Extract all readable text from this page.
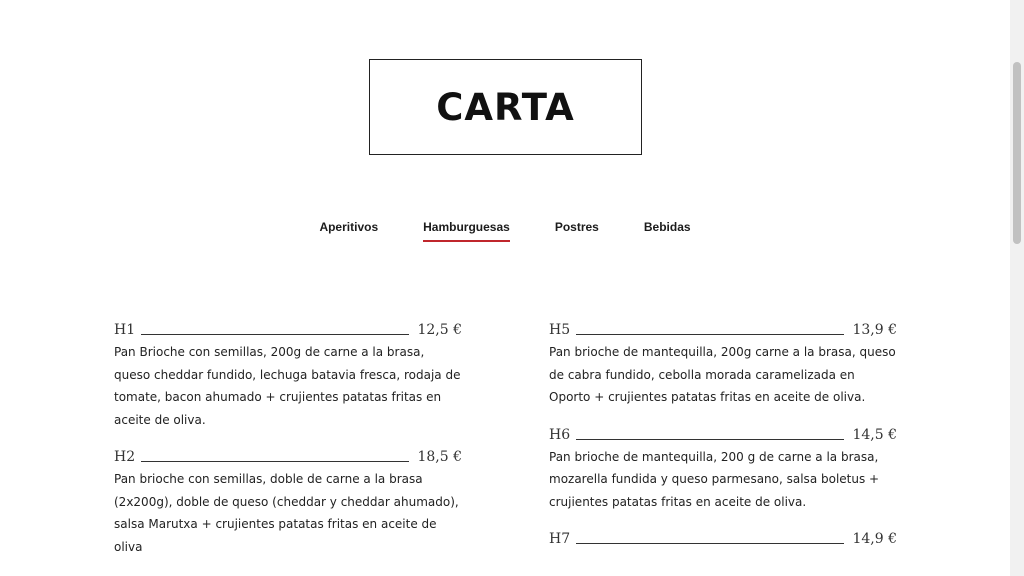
CARTA
Aperitivos	Hamburguesas	Postres	Bebidas
H1	12,5 €
Pan Brioche con semillas, 200g de carne a la brasa, queso cheddar fundido, lechuga batavia fresca, rodaja de tomate, bacon ahumado + crujientes patatas fritas en aceite de oliva.
H2	18,5 €
Pan brioche con semillas, doble de carne a la brasa (2x200g), doble de queso (cheddar y cheddar ahumado), salsa Marutxa + crujientes patatas fritas en aceite de oliva
H5	13,9 €
Pan brioche de mantequilla, 200g carne a la brasa, queso de cabra fundido, cebolla morada caramelizada en Oporto + crujientes patatas fritas en aceite de oliva.
H6	14,5 €
Pan brioche de mantequilla, 200 g de carne a la brasa, mozarella fundida y queso parmesano, salsa boletus + crujientes patatas fritas en aceite de oliva.
H7	14,9 €
